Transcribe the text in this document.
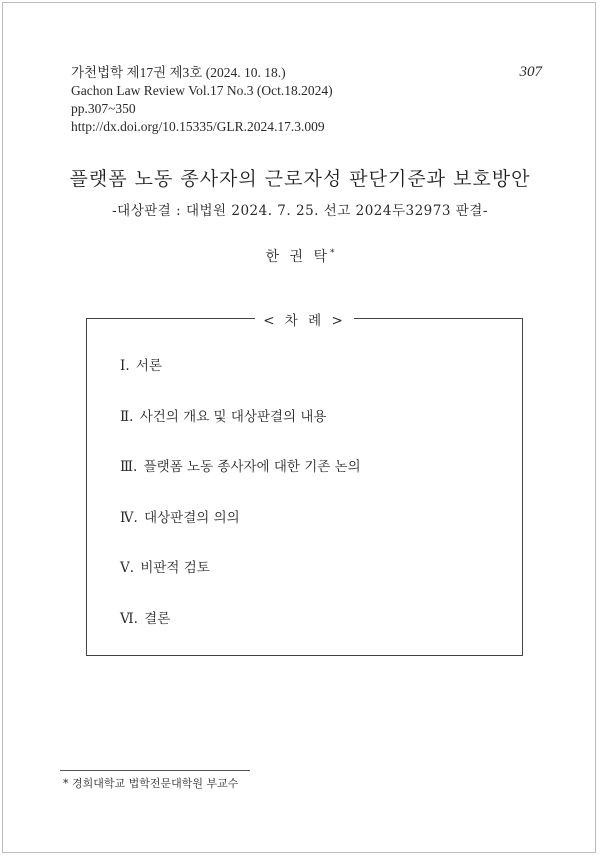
가천법학 제17권 제3호 (2024. 10. 18.)
Gachon Law Review Vol.17 No.3 (Oct.18.2024)
pp.307~350
http://dx.doi.org/10.15335/GLR.2024.17.3.009
307
플랫폼 노동 종사자의 근로자성 판단기준과 보호방안
-대상판결 : 대법원 2024. 7. 25. 선고 2024두32973 판결-
한 권 탁*
< 차 례 >
Ⅰ. 서론
Ⅱ. 사건의 개요 및 대상판결의 내용
Ⅲ. 플랫폼 노동 종사자에 대한 기존 논의
Ⅳ. 대상판결의 의의
Ⅴ. 비판적 검토
Ⅵ. 결론
* 경희대학교 법학전문대학원 부교수
